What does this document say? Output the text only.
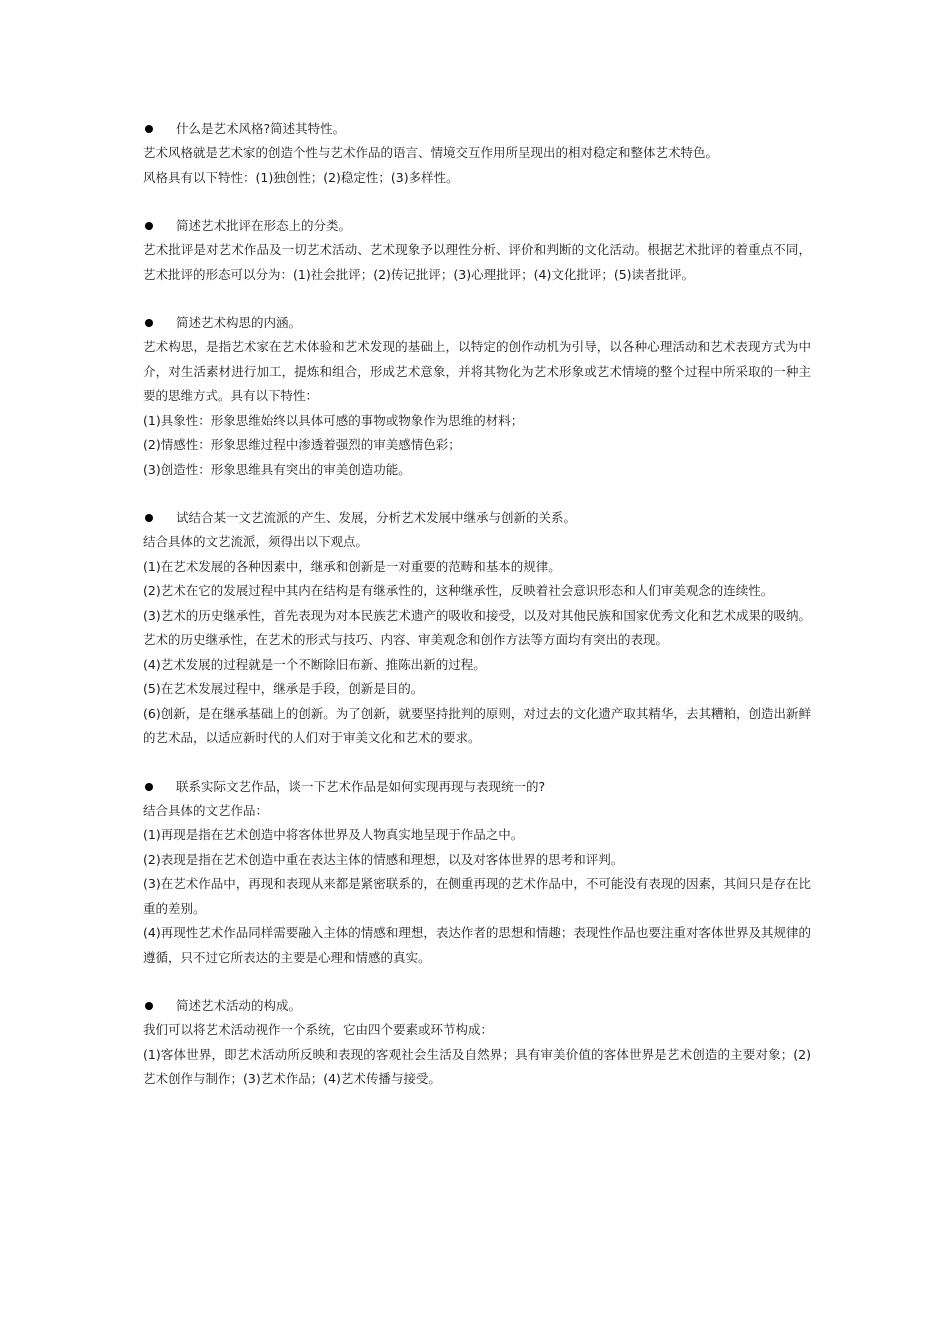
什么是艺术风格?简述其特性。

艺术风格就是艺术家的创造个性与艺术作品的语言、情境交互作用所呈现出的相对稳定和整体艺术特色。

风格具有以下特性：(1)独创性；(2)稳定性；(3)多样性。

简述艺术批评在形态上的分类。

艺术批评是对艺术作品及一切艺术活动、艺术现象予以理性分析、评价和判断的文化活动。根据艺术批评的着重点不同，艺术批评的形态可以分为：(1)社会批评；(2)传记批评；(3)心理批评；(4)文化批评；(5)读者批评。

简述艺术构思的内涵。

艺术构思，是指艺术家在艺术体验和艺术发现的基础上，以特定的创作动机为引导，以各种心理活动和艺术表现方式为中介，对生活素材进行加工，提炼和组合，形成艺术意象，并将其物化为艺术形象或艺术情境的整个过程中所采取的一种主要的思维方式。具有以下特性：

(1)具象性：形象思维始终以具体可感的事物或物象作为思维的材料；

(2)情感性：形象思维过程中渗透着强烈的审美感情色彩；

(3)创造性：形象思维具有突出的审美创造功能。

试结合某一文艺流派的产生、发展，分析艺术发展中继承与创新的关系。

结合具体的文艺流派，须得出以下观点。

(1)在艺术发展的各种因素中，继承和创新是一对重要的范畴和基本的规律。

(2)艺术在它的发展过程中其内在结构是有继承性的，这种继承性，反映着社会意识形态和人们审美观念的连续性。

(3)艺术的历史继承性，首先表现为对本民族艺术遗产的吸收和接受，以及对其他民族和国家优秀文化和艺术成果的吸纳。艺术的历史继承性，在艺术的形式与技巧、内容、审美观念和创作方法等方面均有突出的表现。

(4)艺术发展的过程就是一个不断除旧布新、推陈出新的过程。

(5)在艺术发展过程中，继承是手段，创新是目的。

(6)创新，是在继承基础上的创新。为了创新，就要坚持批判的原则，对过去的文化遗产取其精华，去其糟粕，创造出新鲜的艺术品，以适应新时代的人们对于审美文化和艺术的要求。

联系实际文艺作品，谈一下艺术作品是如何实现再现与表现统一的?

结合具体的文艺作品：

(1)再现是指在艺术创造中将客体世界及人物真实地呈现于作品之中。

(2)表现是指在艺术创造中重在表达主体的情感和理想，以及对客体世界的思考和评判。

(3)在艺术作品中，再现和表现从来都是紧密联系的，在侧重再现的艺术作品中，不可能没有表现的因素，其间只是存在比重的差别。

(4)再现性艺术作品同样需要融入主体的情感和理想，表达作者的思想和情趣；表现性作品也要注重对客体世界及其规律的遵循，只不过它所表达的主要是心理和情感的真实。

简述艺术活动的构成。

我们可以将艺术活动视作一个系统，它由四个要素或环节构成：

(1)客体世界，即艺术活动所反映和表现的客观社会生活及自然界；具有审美价值的客体世界是艺术创造的主要对象；(2)艺术创作与制作；(3)艺术作品；(4)艺术传播与接受。
